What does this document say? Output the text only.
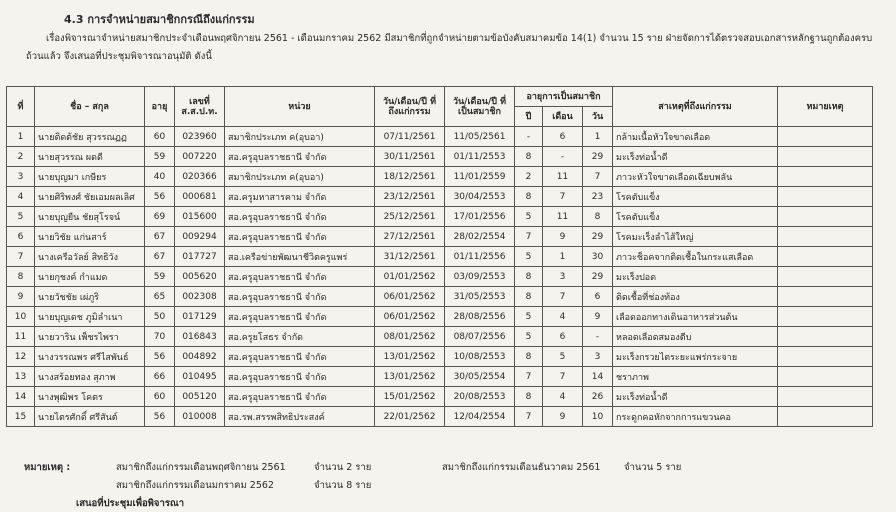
4.3 การจำหน่ายสมาชิกกรณีถึงแก่กรรม
เรื่องพิจารณาจำหน่ายสมาชิกประจำเดือนพฤศจิกายน 2561 - เดือนมกราคม 2562 มีสมาชิกที่ถูกจำหน่ายตามข้อบังคับสมาคมข้อ 14(1) จำนวน 15 ราย ฝ่ายจัดการได้ตรวจสอบเอกสารหลักฐานถูกต้องครบถ้วนแล้ว จึงเสนอที่ประชุมพิจารณาอนุมัติ ดังนี้
ที่	ชื่อ – สกุล	อายุ	เลขที่ ส.ส.ป.ท.	หน่วย	วัน/เดือน/ปี ที่ถึงแก่กรรม	วัน/เดือน/ปี ที่เป็นสมาชิก	อายุการเป็นสมาชิก			สาเหตุที่ถึงแก่กรรม	หมายเหตุ
							ปี	เดือน	วัน		
1	นายติดต้ชัย สุวรรณฏฏ	60	023960	สมาชิกประเภท ค(อุบอา)	07/11/2561	11/05/2561	-	6	1	กล้ามเนื้อหัวใจขาดเลือด	
2	นายสุวรรณ ผดดี	59	007220	สอ.ครูอุบลราชธานี จำกัด	30/11/2561	01/11/2553	8	-	29	มะเร็งท่อน้ำดี	
3	นายบุญมา เกษียร	40	020366	สมาชิกประเภท ค(อุบอา)	18/12/2561	11/01/2559	2	11	7	ภาวะหัวใจขาดเลือดเฉียบพลัน	
4	นายศิริพงศ์ ชัยเอมผลเลิศ	56	000681	สอ.ครูมหาสารคาม จำกัด	23/12/2561	30/04/2553	8	7	23	โรคตับแข็ง	
5	นายบุญยืน ชัยสุโรจน์	69	015600	สอ.ครูอุบลราชธานี จำกัด	25/12/2561	17/01/2556	5	11	8	โรคตับแข็ง	
6	นายวิชัย แก่นสาร์	67	009294	สอ.ครูอุบลราชธานี จำกัด	27/12/2561	28/02/2554	7	9	29	โรคมะเร็งลำไส้ใหญ่	
7	นางเครือวัลย์ สิทธิวัง	67	017727	สอ.เครือข่ายพัฒนาชีวิตครูแพร่	31/12/2561	01/11/2556	5	1	30	ภาวะช็อคจากติดเชื้อในกระแสเลือด	
8	นายกุชงค์ กำแมด	59	005620	สอ.ครูอุบลราชธานี จำกัด	01/01/2562	03/09/2553	8	3	29	มะเร็งปอด	
9	นายวัชชัย เผ่ภูริ	65	002308	สอ.ครูอุบลราชธานี จำกัด	06/01/2562	31/05/2553	8	7	6	ติดเชื้อที่ช่องท้อง	
10	นายบุญเดช ภูมิลำเนา	50	017129	สอ.ครูอุบลราชธานี จำกัด	06/01/2562	28/08/2556	5	4	9	เลือดออกทางเดินอาหารส่วนต้น	
11	นายวาริน เพ็ชรไพรา	70	016843	สอ.ครูยโสธร จำกัด	08/01/2562	08/07/2556	5	6	-	หลอดเลือดสมองตีบ	
12	นางวรรณพร ศรีไสพันธ์	56	004892	สอ.ครูอุบลราชธานี จำกัด	13/01/2562	10/08/2553	8	5	3	มะเร็งกรวยไตระยะแพร่กระจาย	
13	นางสร้อยทอง สุภาพ	66	010495	สอ.ครูอุบลราชธานี จำกัด	13/01/2562	30/05/2554	7	7	14	ชราภาพ	
14	นางพุฒิพร โคตร	60	005120	สอ.ครูอุบลราชธานี จำกัด	15/01/2562	20/08/2553	8	4	26	มะเร็งท่อน้ำดี	
15	นายไตรศักดิ์ ศรีสันต์	56	010008	สอ.รพ.สรรพสิทธิประสงค์	22/01/2562	12/04/2554	7	9	10	กระดูกคอหักจากการแขวนคอ	
หมายเหตุ :	สมาชิกถึงแก่กรรมเดือนพฤศจิกายน 2561	จำนวน 2 ราย	สมาชิกถึงแก่กรรมเดือนธันวาคม 2561 จำนวน 5 ราย
สมาชิกถึงแก่กรรมเดือนมกราคม 2562	จำนวน 8 ราย
เสนอที่ประชุมเพื่อพิจารณา
